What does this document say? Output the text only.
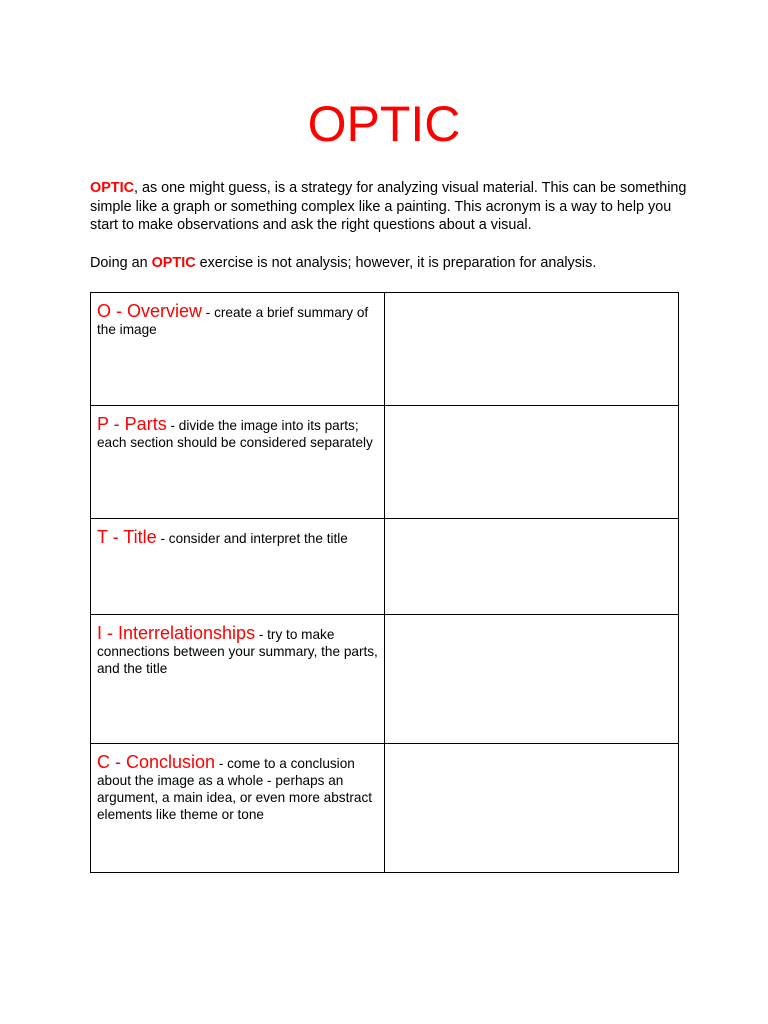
OPTIC

OPTIC, as one might guess, is a strategy for analyzing visual material. This can be something simple like a graph or something complex like a painting. This acronym is a way to help you start to make observations and ask the right questions about a visual.

Doing an OPTIC exercise is not analysis; however, it is preparation for analysis.

O - Overview - create a brief summary of the image	

P - Parts - divide the image into its parts; each section should be considered separately	

T - Title - consider and interpret the title	

I - Interrelationships - try to make connections between your summary, the parts, and the title	

C - Conclusion - come to a conclusion about the image as a whole - perhaps an argument, a main idea, or even more abstract elements like theme or tone	
